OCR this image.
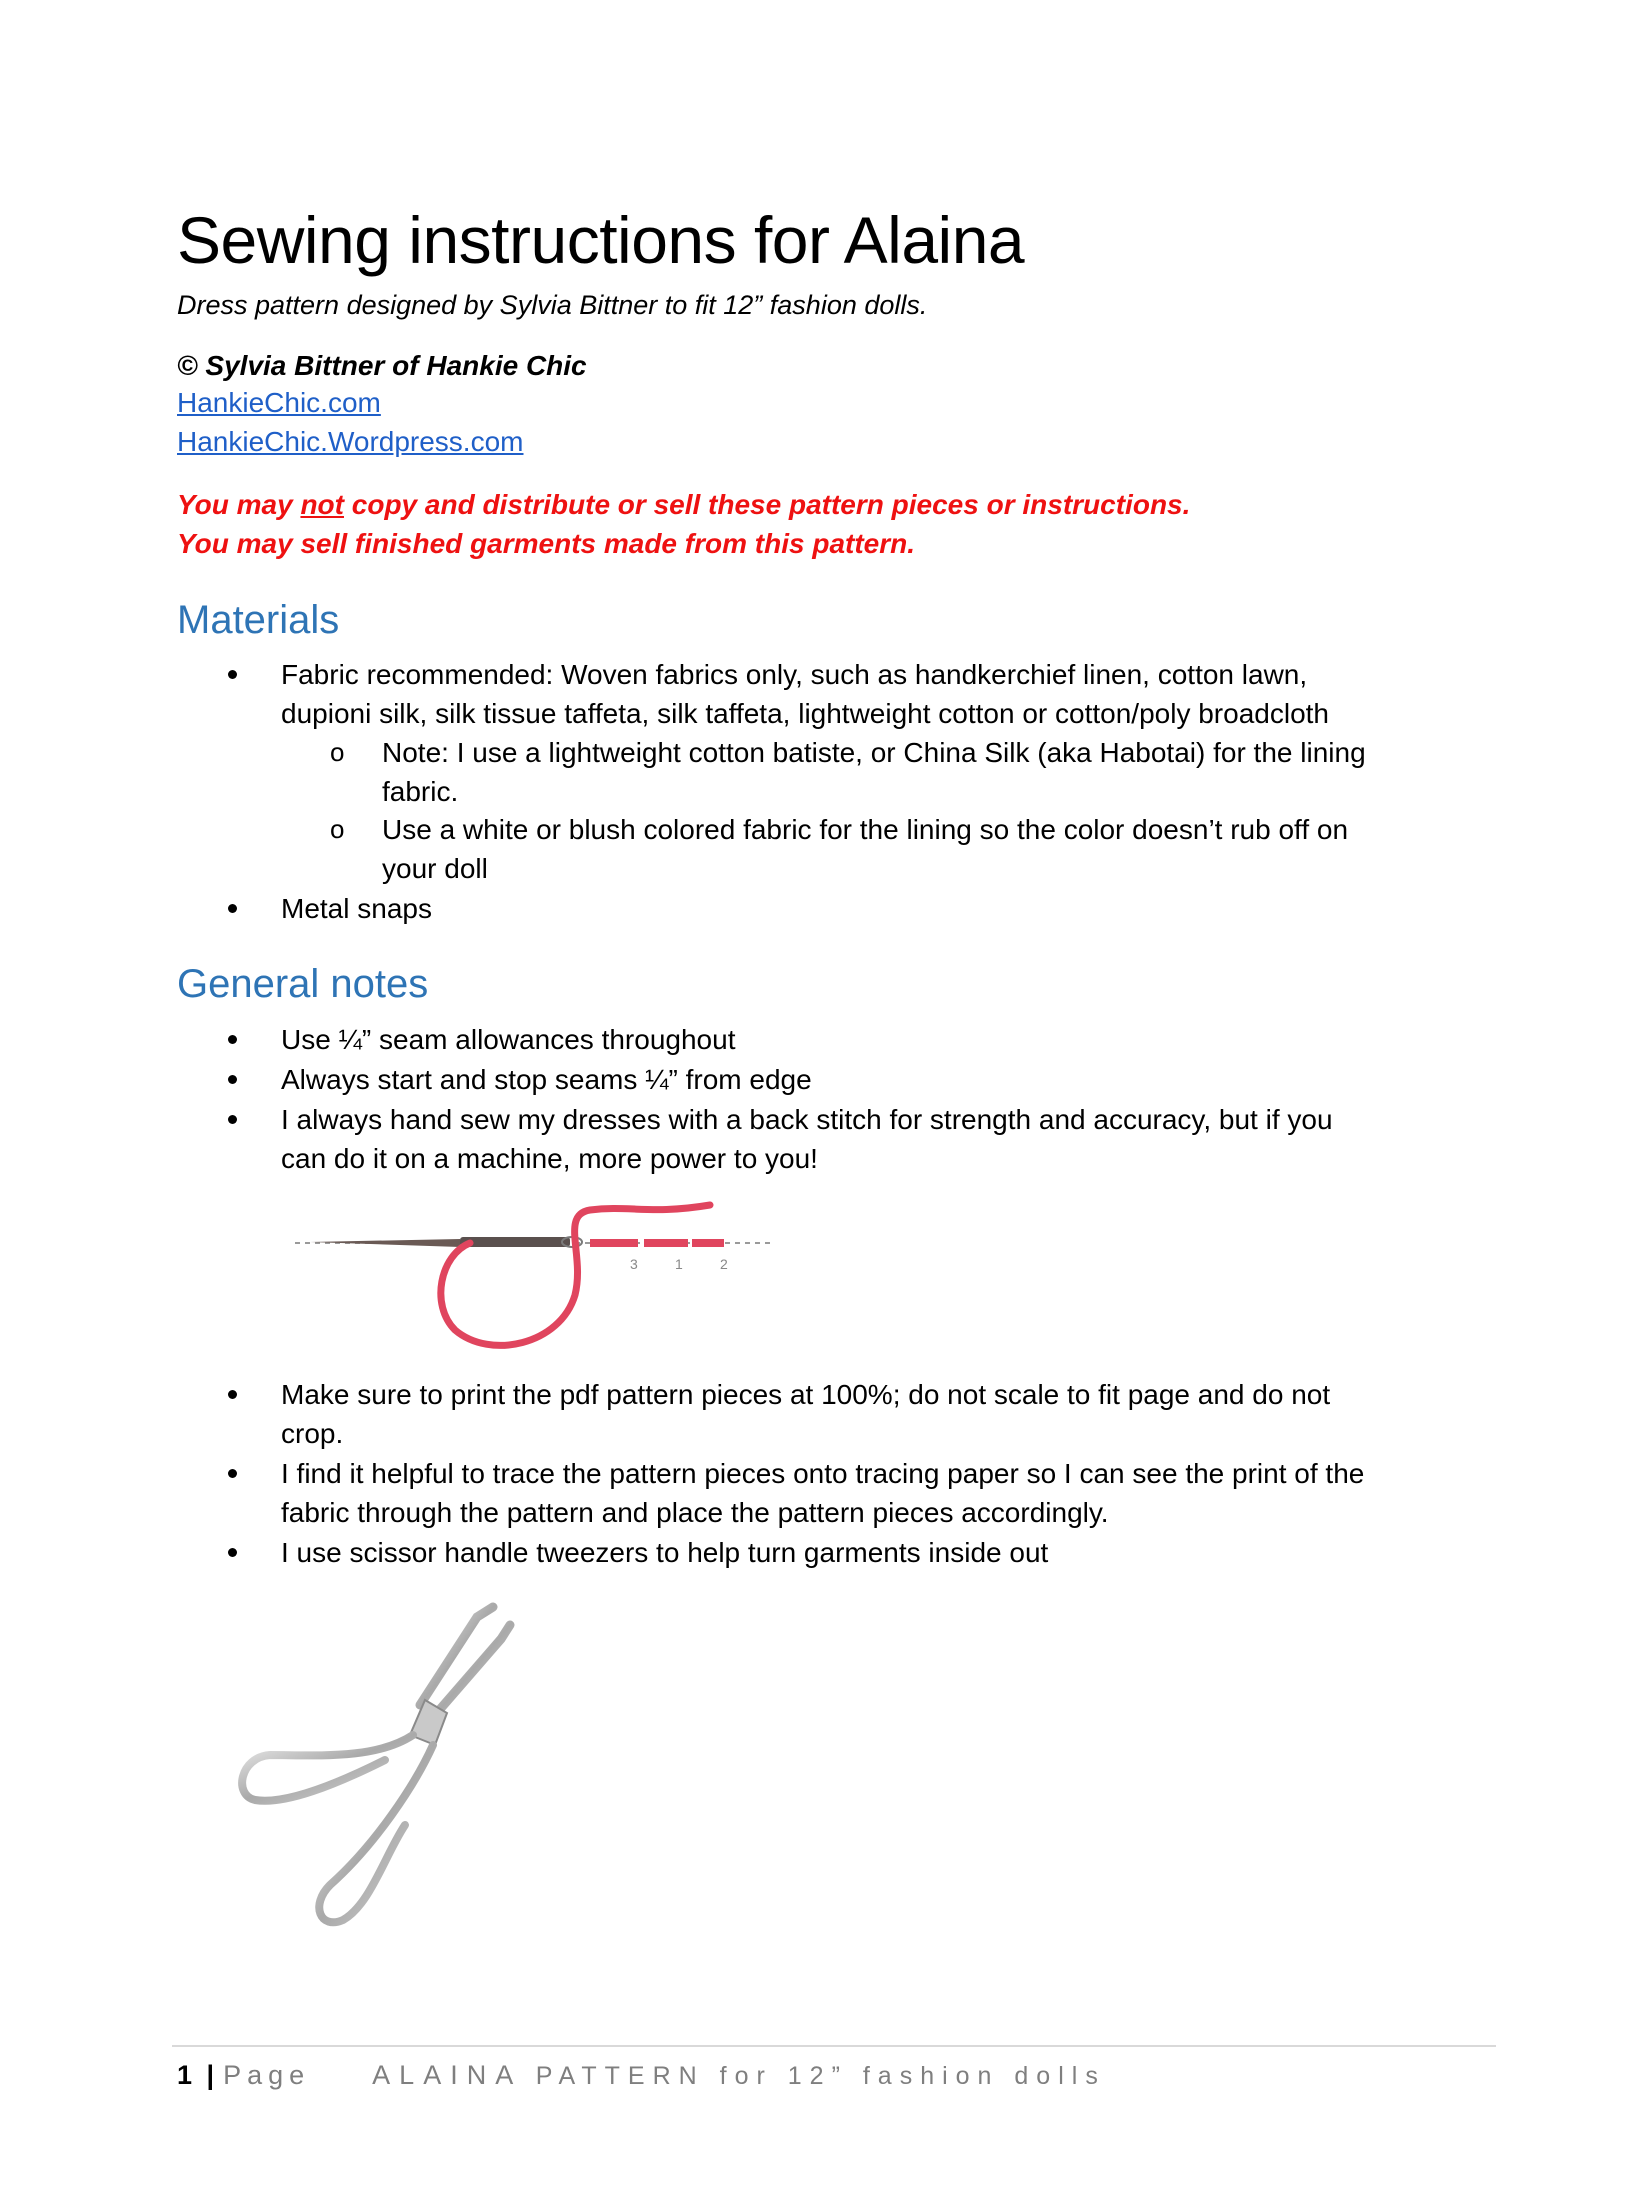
Sewing instructions for Alaina
Dress pattern designed by Sylvia Bittner to fit 12” fashion dolls.
© Sylvia Bittner of Hankie Chic
HankieChic.com
HankieChic.Wordpress.com
You may not copy and distribute or sell these pattern pieces or instructions.
You may sell finished garments made from this pattern.
Materials
Fabric recommended: Woven fabrics only, such as handkerchief linen, cotton lawn,
dupioni silk, silk tissue taffeta, silk taffeta, lightweight cotton or cotton/poly broadcloth
o Note: I use a lightweight cotton batiste, or China Silk (aka Habotai) for the lining
fabric.
o Use a white or blush colored fabric for the lining so the color doesn’t rub off on
your doll
Metal snaps
General notes
Use ¼” seam allowances throughout
Always start and stop seams ¼” from edge
I always hand sew my dresses with a back stitch for strength and accuracy, but if you
can do it on a machine, more power to you!
3	1	2
Make sure to print the pdf pattern pieces at 100%; do not scale to fit page and do not
crop.
I find it helpful to trace the pattern pieces onto tracing paper so I can see the print of the
fabric through the pattern and place the pattern pieces accordingly.
I use scissor handle tweezers to help turn garments inside out
1 | Page ALAINA PATTERN for 12” fashion dolls
